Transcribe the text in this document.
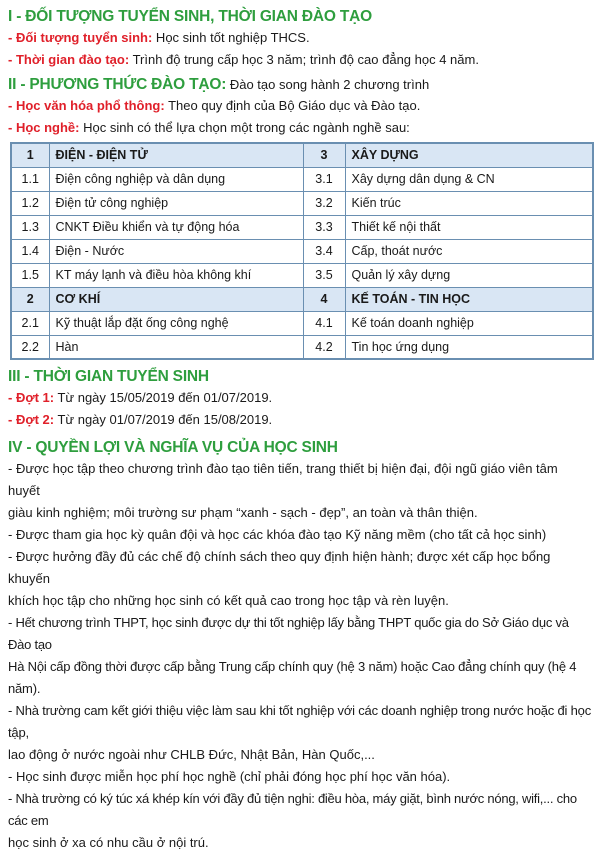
I - ĐỐI TƯỢNG TUYỂN SINH, THỜI GIAN ĐÀO TẠO
- Đối tượng tuyển sinh: Học sinh tốt nghiệp THCS.
- Thời gian đào tạo: Trình độ trung cấp học 3 năm; trình độ cao đẳng học 4 năm.
II - PHƯƠNG THỨC ĐÀO TẠO: Đào tạo song hành 2 chương trình
- Học văn hóa phổ thông: Theo quy định của Bộ Giáo dục và Đào tạo.
- Học nghề: Học sinh có thể lựa chọn một trong các ngành nghề sau:
1	ĐIỆN - ĐIỆN TỬ	3	XÂY DỰNG
1.1	Điện công nghiệp và dân dụng	3.1	Xây dựng dân dụng & CN
1.2	Điện tử công nghiệp	3.2	Kiến trúc
1.3	CNKT Điều khiển và tự động hóa	3.3	Thiết kế nội thất
1.4	Điện - Nước	3.4	Cấp, thoát nước
1.5	KT máy lạnh và điều hòa không khí	3.5	Quản lý xây dựng
2	CƠ KHÍ	4	KẾ TOÁN - TIN HỌC
2.1	Kỹ thuật lắp đặt ống công nghệ	4.1	Kế toán doanh nghiệp
2.2	Hàn	4.2	Tin học ứng dụng
III - THỜI GIAN TUYỂN SINH
- Đợt 1: Từ ngày 15/05/2019 đến 01/07/2019.
- Đợt 2: Từ ngày 01/07/2019 đến 15/08/2019.
IV - QUYỀN LỢI VÀ NGHĨA VỤ CỦA HỌC SINH
- Được học tập theo chương trình đào tạo tiên tiến, trang thiết bị hiện đại, đội ngũ giáo viên tâm huyết
giàu kinh nghiệm; môi trường sư phạm “xanh - sạch - đẹp”, an toàn và thân thiện.
- Được tham gia học kỳ quân đội và học các khóa đào tạo Kỹ năng mềm (cho tất cả học sinh)
- Được hưởng đầy đủ các chế độ chính sách theo quy định hiện hành; được xét cấp học bổng khuyến
khích học tập cho những học sinh có kết quả cao trong học tập và rèn luyện.
- Hết chương trình THPT, học sinh được dự thi tốt nghiệp lấy bằng THPT quốc gia do Sở Giáo dục và Đào tạo
Hà Nội cấp đồng thời được cấp bằng Trung cấp chính quy (hệ 3 năm) hoặc Cao đẳng chính quy (hệ 4 năm).
- Nhà trường cam kết giới thiệu việc làm sau khi tốt nghiệp với các doanh nghiệp trong nước hoặc đi học tập,
lao động ở nước ngoài như CHLB Đức, Nhật Bản, Hàn Quốc,...
- Học sinh được miễn học phí học nghề (chỉ phải đóng học phí học văn hóa).
- Nhà trường có ký túc xá khép kín với đầy đủ tiện nghi: điều hòa, máy giặt, bình nước nóng, wifi,... cho các em
học sinh ở xa có nhu cầu ở nội trú.
